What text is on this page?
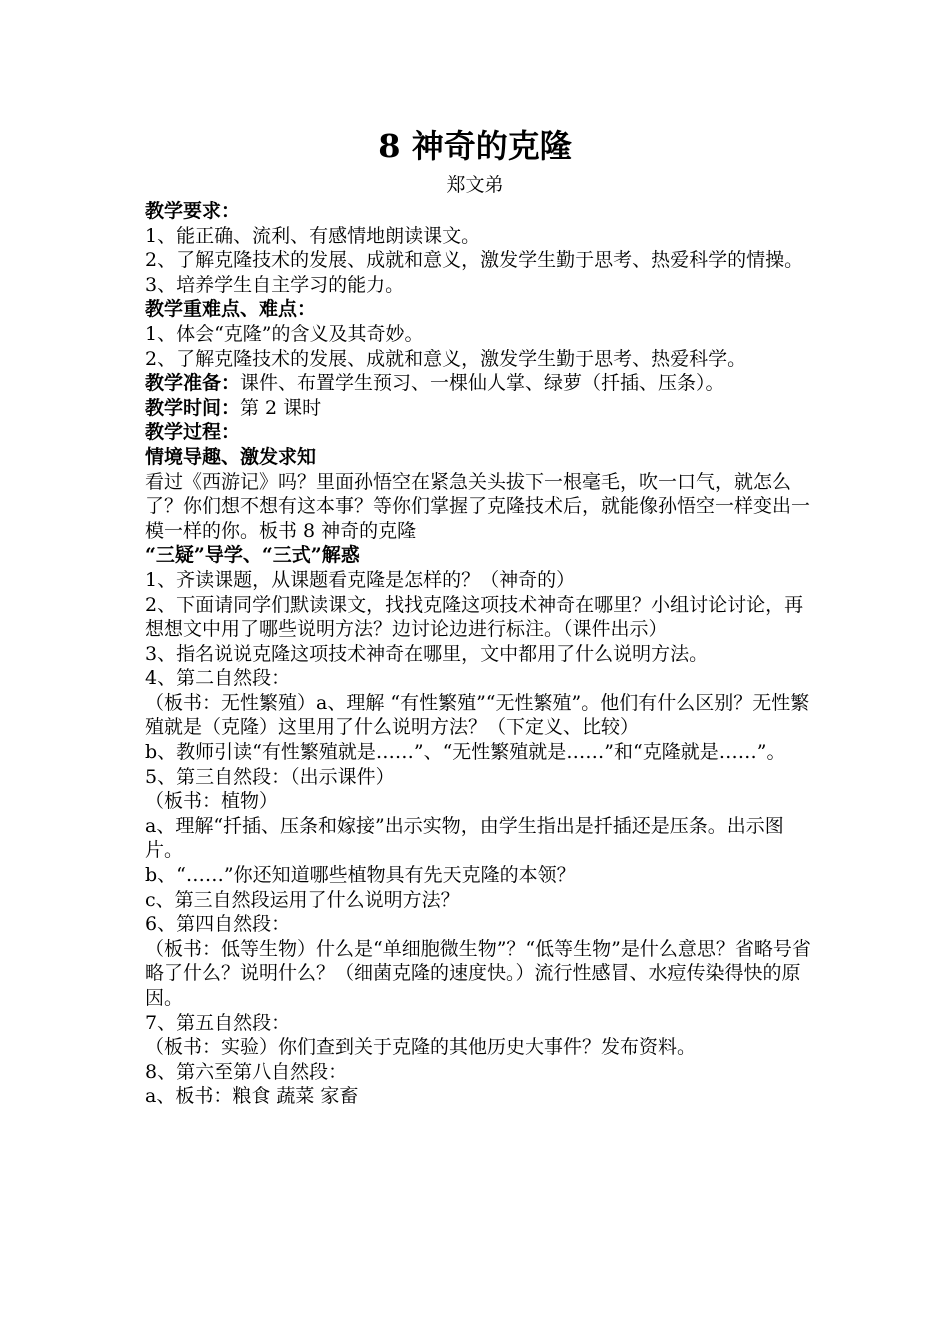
8 神奇的克隆
郑文弟

教学要求：

1、能正确、流利、有感情地朗读课文。

2、了解克隆技术的发展、成就和意义，激发学生勤于思考、热爱科学的情操。

3、培养学生自主学习的能力。

教学重难点、难点：

1、体会“克隆”的含义及其奇妙。

2、了解克隆技术的发展、成就和意义，激发学生勤于思考、热爱科学。

教学准备：课件、布置学生预习、一棵仙人掌、绿萝（扦插、压条）。

教学时间：第 2 课时

教学过程：

情境导趣、激发求知

看过《西游记》吗？里面孙悟空在紧急关头拔下一根毫毛，吹一口气，就怎么了？你们想不想有这本事？等你们掌握了克隆技术后，就能像孙悟空一样变出一模一样的你。板书 8 神奇的克隆

“三疑”导学、“三式”解惑

1、齐读课题，从课题看克隆是怎样的？（神奇的）

2、下面请同学们默读课文，找找克隆这项技术神奇在哪里？小组讨论讨论，再想想文中用了哪些说明方法？边讨论边进行标注。（课件出示）

3、指名说说克隆这项技术神奇在哪里，文中都用了什么说明方法。

4、第二自然段：

（板书：无性繁殖）a、理解 “有性繁殖”“无性繁殖”。他们有什么区别？无性繁殖就是（克隆）这里用了什么说明方法？（下定义、比较）

b、教师引读“有性繁殖就是……”、“无性繁殖就是……”和“克隆就是……”。

5、第三自然段：（出示课件）

（板书：植物）

a、理解“扦插、压条和嫁接”出示实物，由学生指出是扦插还是压条。出示图片。

b、“……”你还知道哪些植物具有先天克隆的本领？

c、第三自然段运用了什么说明方法？

6、第四自然段：

（板书：低等生物）什么是“单细胞微生物”？“低等生物”是什么意思？省略号省略了什么？说明什么？（细菌克隆的速度快。）流行性感冒、水痘传染得快的原因。

7、第五自然段：

（板书：实验）你们查到关于克隆的其他历史大事件？发布资料。

8、第六至第八自然段：

a、板书：粮食 蔬菜 家畜
